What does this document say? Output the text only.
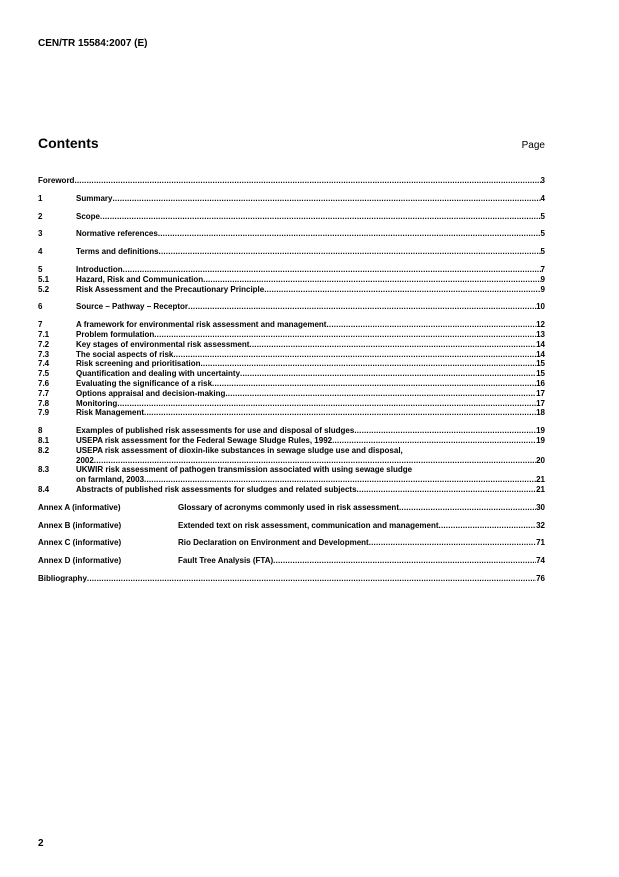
CEN/TR 15584:2007 (E)
Contents	Page
Foreword .....	3
1	Summary .....	4
2	Scope .....	5
3	Normative references .....	5
4	Terms and definitions .....	5
5	Introduction .....	7
5.1	Hazard, Risk and Communication .....	9
5.2	Risk Assessment and the Precautionary Principle .....	9
6	Source – Pathway – Receptor .....	10
7	A framework for environmental risk assessment and management .....	12
7.1	Problem formulation .....	13
7.2	Key stages of environmental risk assessment .....	14
7.3	The social aspects of risk .....	14
7.4	Risk screening and prioritisation .....	15
7.5	Quantification and dealing with uncertainty .....	15
7.6	Evaluating the significance of a risk .....	16
7.7	Options appraisal and decision-making .....	17
7.8	Monitoring .....	17
7.9	Risk Management .....	18
8	Examples of published risk assessments for use and disposal of sludges .....	19
8.1	USEPA risk assessment for the Federal Sewage Sludge Rules, 1992 .....	19
8.2	USEPA risk assessment of dioxin-like substances in sewage sludge use and disposal,
2002 .....	20
8.3	UKWIR risk assessment of pathogen transmission associated with using sewage sludge
on farmland, 2003 .....	21
8.4	Abstracts of published risk assessments for sludges and related subjects .....	21
Annex A (informative)	Glossary of acronyms commonly used in risk assessment .....	30
Annex B (informative)	Extended text on risk assessment, communication and management .....	32
Annex C (informative)	Rio Declaration on Environment and Development .....	71
Annex D (informative)	Fault Tree Analysis (FTA) .....	74
Bibliography .....	76
2
